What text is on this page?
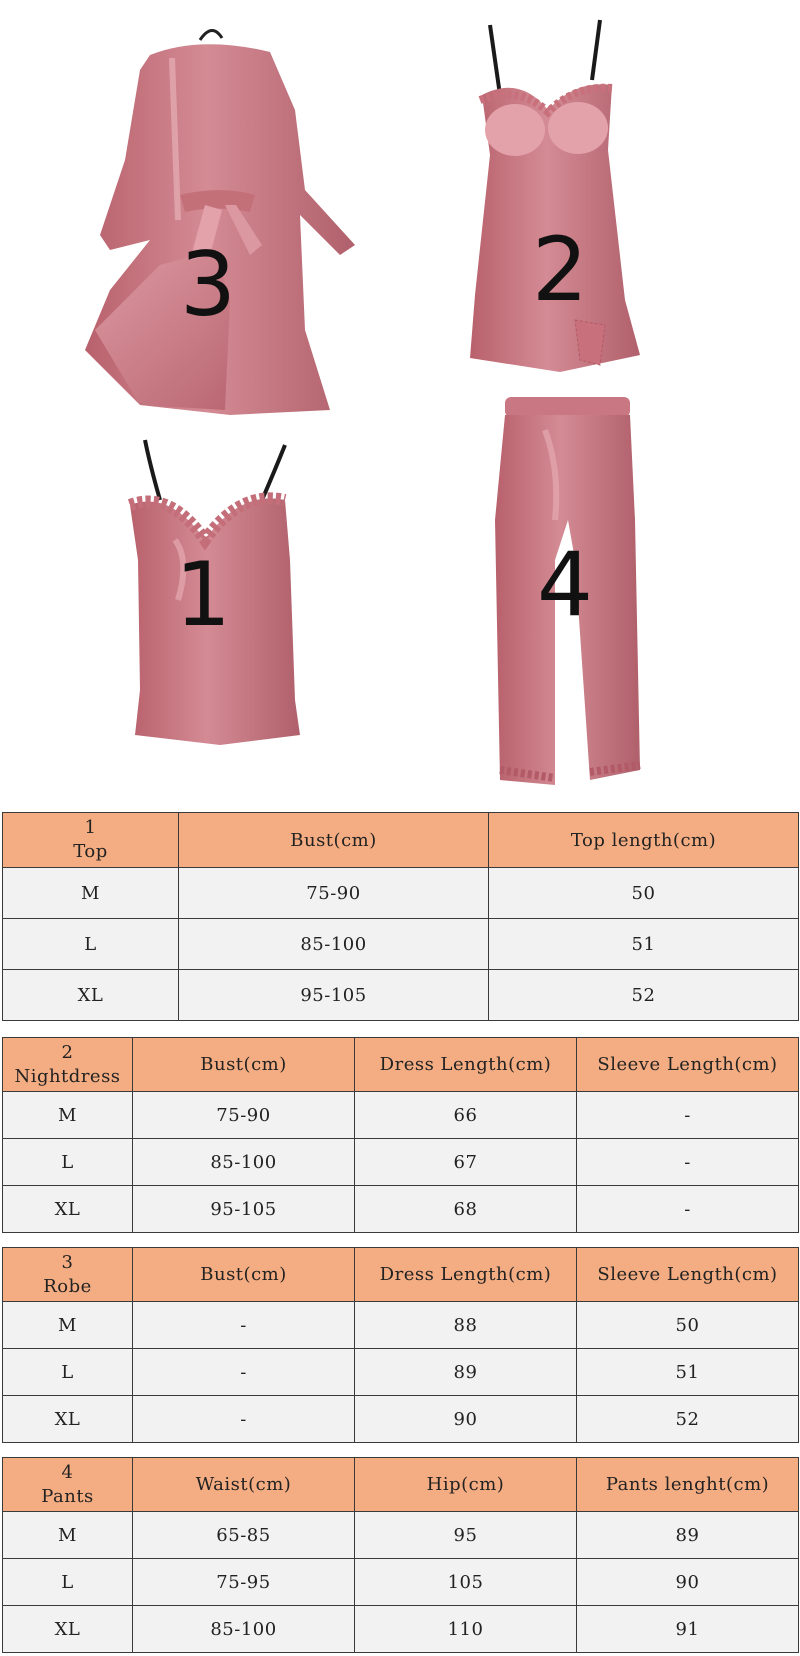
3	2
1	4
1
Top	Bust(cm)	Top length(cm)
M	75-90	50
L	85-100	51
XL	95-105	52
2
Nightdress	Bust(cm)	Dress Length(cm)	Sleeve Length(cm)
M	75-90	66	-
L	85-100	67	-
XL	95-105	68	-
3
Robe	Bust(cm)	Dress Length(cm)	Sleeve Length(cm)
M	-	88	50
L	-	89	51
XL	-	90	52
4
Pants	Waist(cm)	Hip(cm)	Pants lenght(cm)
M	65-85	95	89
L	75-95	105	90
XL	85-100	110	91
